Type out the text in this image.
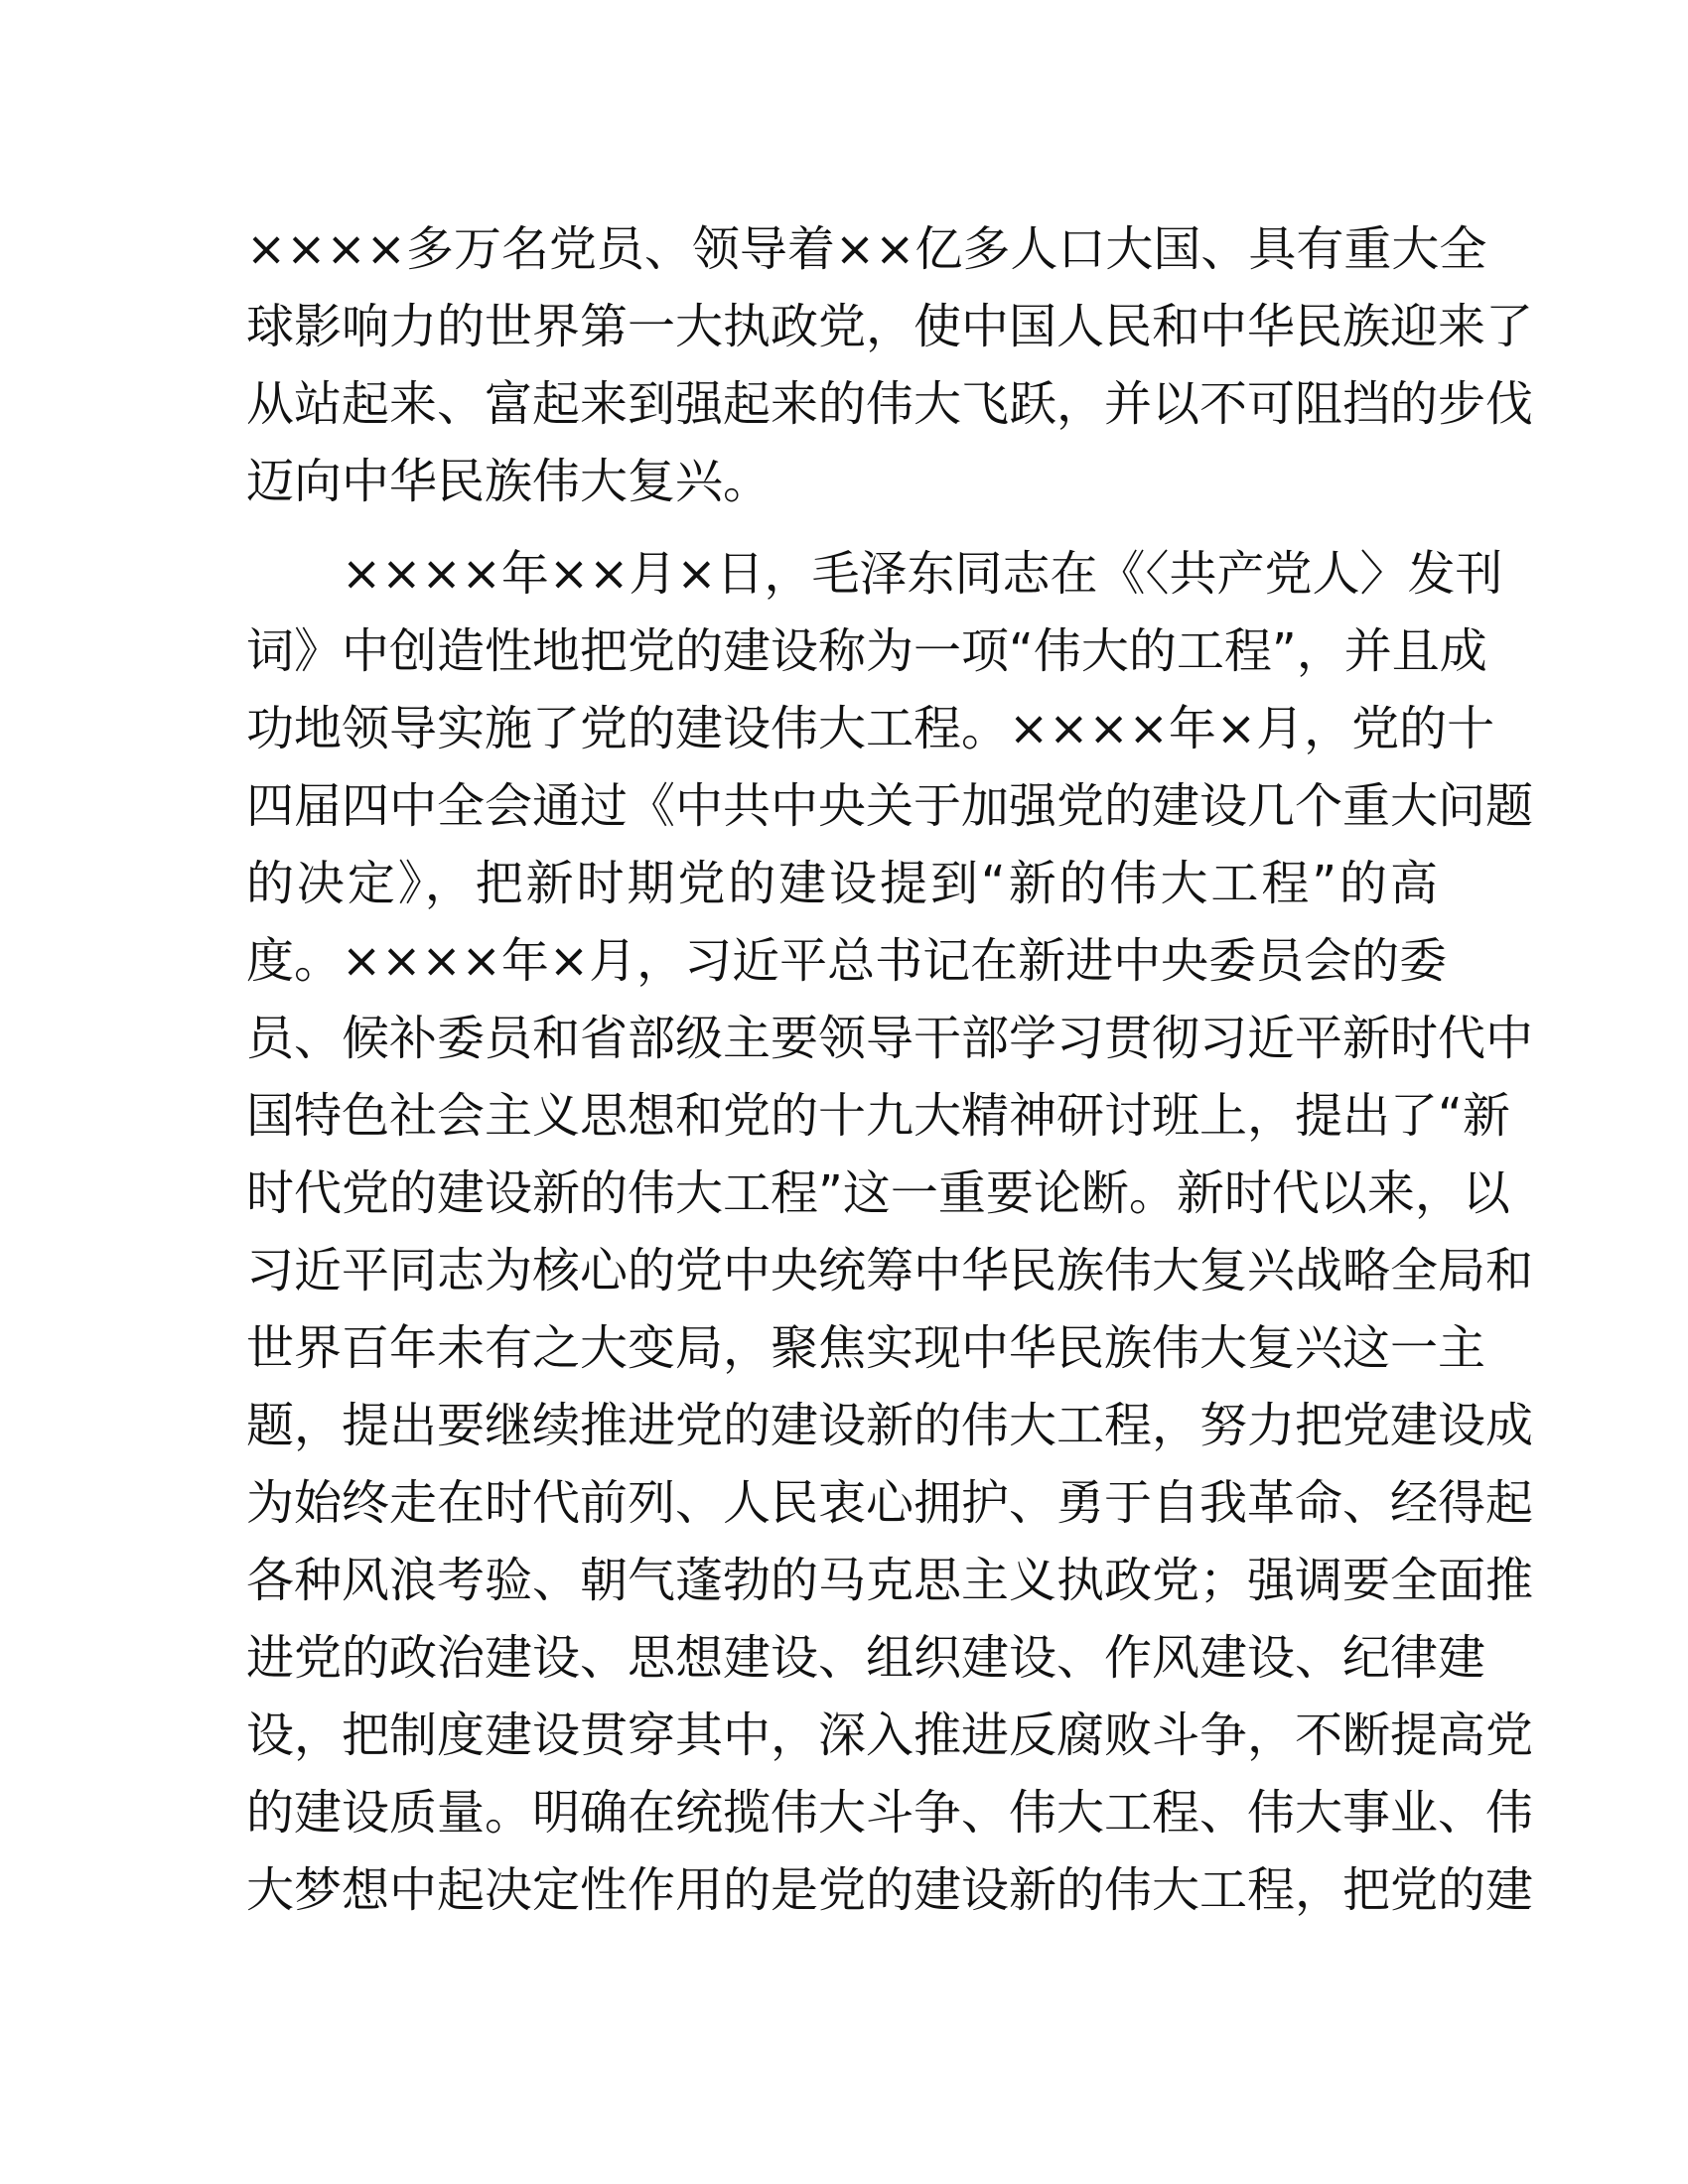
××××多万名党员、领导着××亿多人口大国、具有重大全
球影响力的世界第一大执政党，使中国人民和中华民族迎来了
从站起来、富起来到强起来的伟大飞跃，并以不可阻挡的步伐
迈向中华民族伟大复兴。
××××年××月×日，毛泽东同志在《〈共产党人〉发刊
词》中创造性地把党的建设称为一项“伟大的工程”，并且成
功地领导实施了党的建设伟大工程。××××年×月，党的十
四届四中全会通过《中共中央关于加强党的建设几个重大问题
的决定》，把新时期党的建设提到“新的伟大工程”的高
度。××××年×月，习近平总书记在新进中央委员会的委
员、候补委员和省部级主要领导干部学习贯彻习近平新时代中
国特色社会主义思想和党的十九大精神研讨班上，提出了“新
时代党的建设新的伟大工程”这一重要论断。新时代以来，以
习近平同志为核心的党中央统筹中华民族伟大复兴战略全局和
世界百年未有之大变局，聚焦实现中华民族伟大复兴这一主
题，提出要继续推进党的建设新的伟大工程，努力把党建设成
为始终走在时代前列、人民衷心拥护、勇于自我革命、经得起
各种风浪考验、朝气蓬勃的马克思主义执政党；强调要全面推
进党的政治建设、思想建设、组织建设、作风建设、纪律建
设，把制度建设贯穿其中，深入推进反腐败斗争，不断提高党
的建设质量。明确在统揽伟大斗争、伟大工程、伟大事业、伟
大梦想中起决定性作用的是党的建设新的伟大工程，把党的建
